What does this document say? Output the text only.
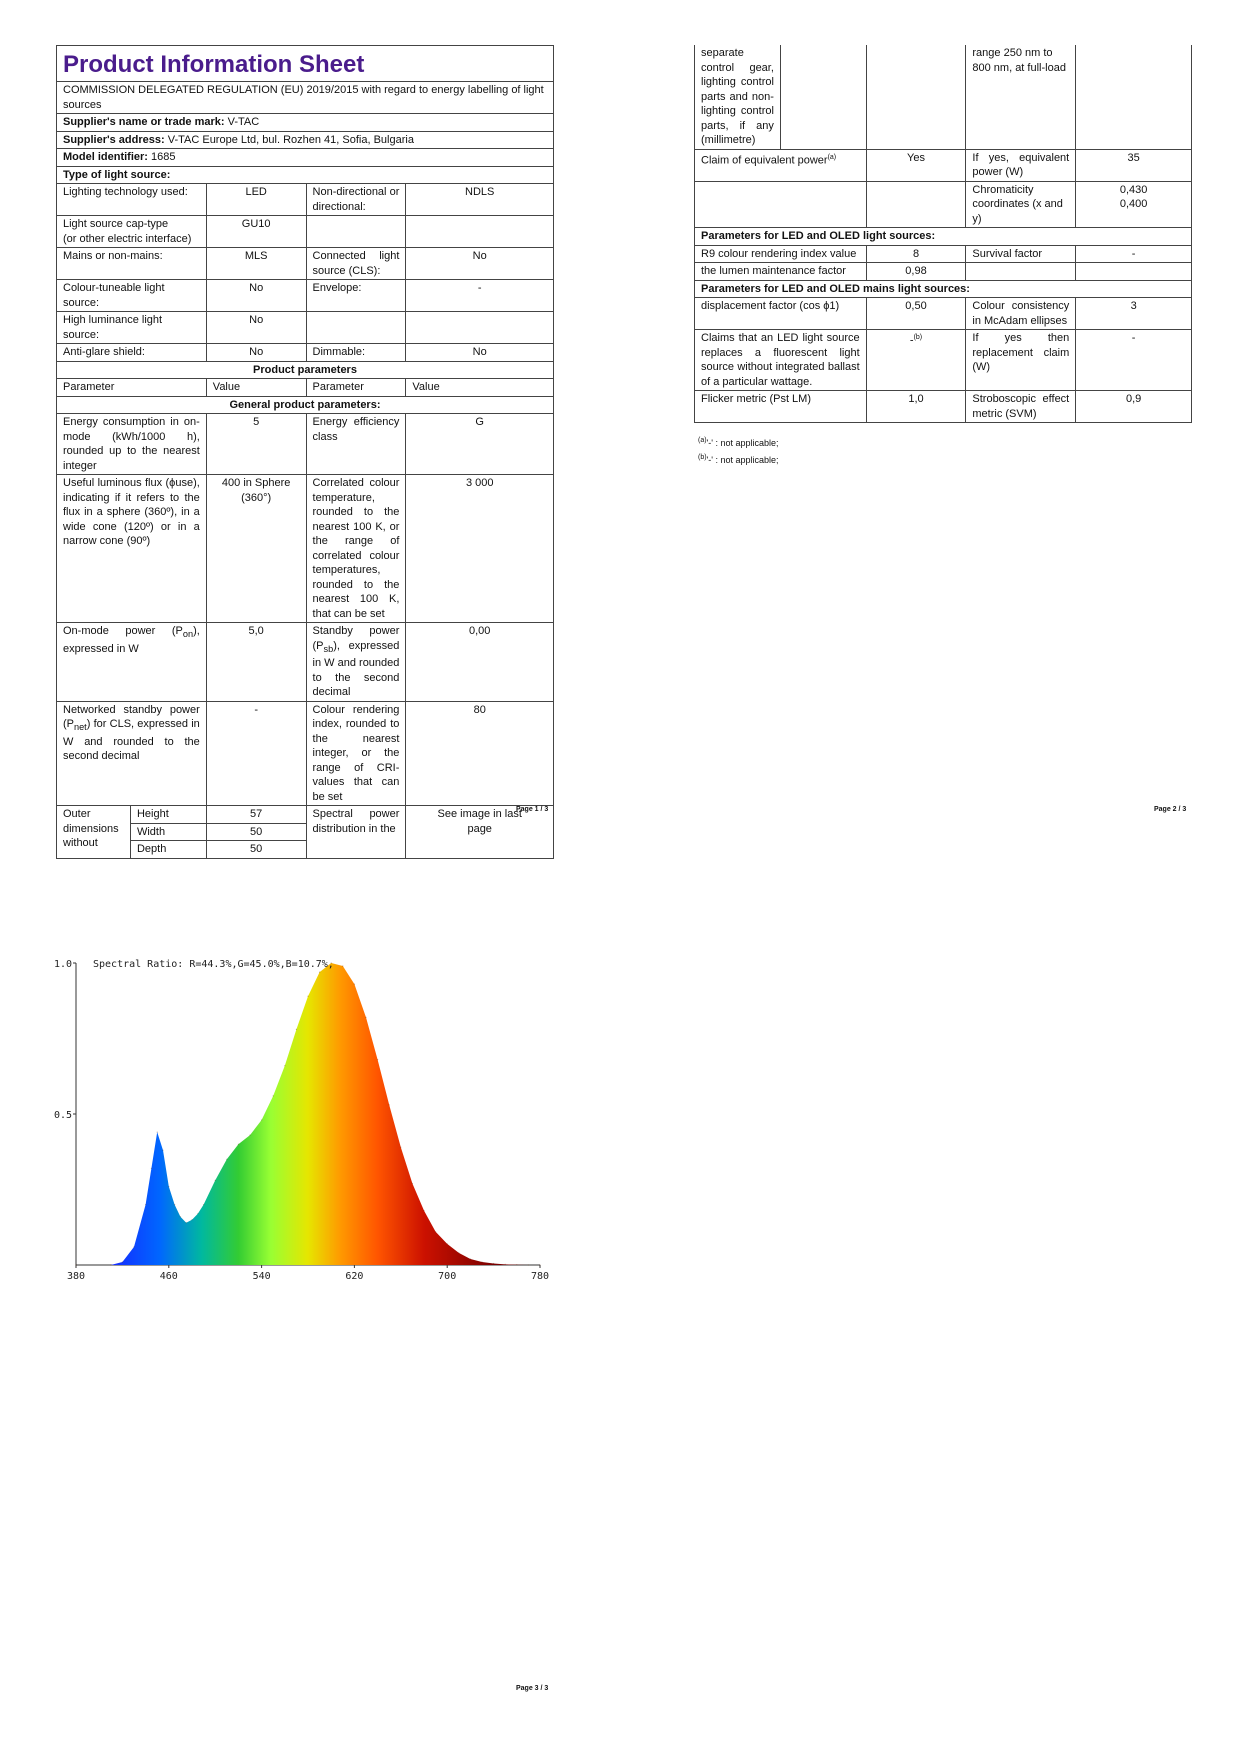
Product Information Sheet				
COMMISSION DELEGATED REGULATION (EU) 2019/2015 with regard to energy labelling of light sources				
Supplier's name or trade mark: V-TAC				
Supplier's address: V-TAC Europe Ltd, bul. Rozhen 41, Sofia, Bulgaria				
Model identifier: 1685				
Type of light source:				
Lighting technology used:		LED	Non-directional or directional:	NDLS

Light source cap-type
(or other electric interface)		GU10		
Mains or non-mains:		MLS	Connected light source (CLS):	No
Colour-tuneable light source:		No	Envelope:	-
High luminance light source:		No		
Anti-glare shield:		No	Dimmable:	No
Product parameters				
Parameter		Value	Parameter	Value
General product parameters:				
Energy consumption in on-mode (kWh/1000 h), rounded up to the nearest integer		5	Energy efficiency class	G
Useful luminous flux (ϕuse), indicating if it refers to the flux in a sphere (360º), in a wide cone (120º) or in a narrow cone (90º)		400 in Sphere (360°)	Correlated colour temperature, rounded to the nearest 100 K, or the range of correlated colour temperatures, rounded to the nearest 100 K, that can be set	3 000
On-mode power $(P_{on})$, expressed in W		5,0	Standby power $(P_{sb})$, expressed in W and rounded to the second decimal	0,00
Networked standby power $(P_{net})$ for CLS, expressed in W and rounded to the second decimal		-	Colour rendering index, rounded to the nearest integer, or the range of CRI-values that can be set	80
Outer dimensions without	Height	57	Spectral power distribution in the	See image in last page
	Width	50		
	Depth	50		
Page 1 / 3
separate control gear, lighting control parts and non-lighting control parts, if any (millimetre)			range 250 nm to 800 nm, at full-load	
Claim of equivalent power$^{(a)}$		Yes	If yes, equivalent power (W)	35
			Chromaticity coordinates (x and y)	0,430
0,400

Parameters for LED and OLED light sources:				
R9 colour rendering index value		8	Survival factor	-
the lumen maintenance factor		0,98		
Parameters for LED and OLED mains light sources:				
displacement factor (cos ϕ1)		0,50	Colour consistency in McAdam ellipses	3
Claims that an LED light source replaces a fluorescent light source without integrated ballast of a particular wattage.		-$^{(b)}$	If yes then replacement claim (W)	-
Flicker metric (Pst LM)		1,0	Stroboscopic effect metric (SVM)	0,9
$^{(a)}$'-' : not applicable;
$^{(b)}$'-' : not applicable;
Page 2 / 3
Spectral Ratio: R=44.3%,G=45.0%,B=10.7%,
380	460	540	620	700	780
1.0
0.5
Page 3 / 3
